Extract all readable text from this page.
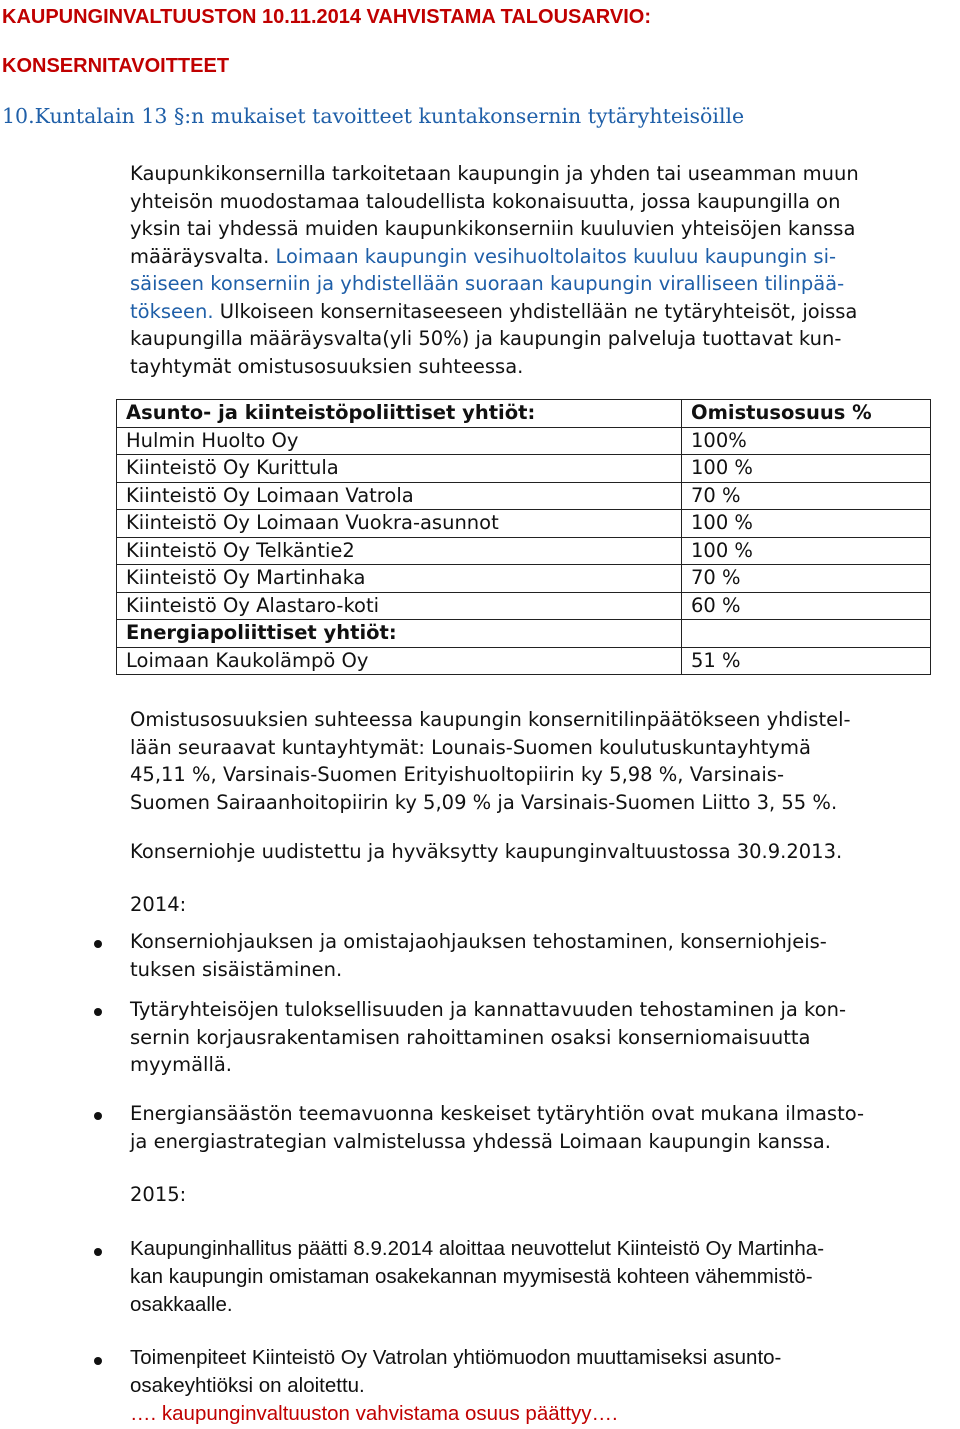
KAUPUNGINVALTUUSTON 10.11.2014 VAHVISTAMA TALOUSARVIO:
KONSERNITAVOITTEET
10.Kuntalain 13 §:n mukaiset tavoitteet kuntakonsernin tytäryhteisöille
Kaupunkikonsernilla tarkoitetaan kaupungin ja yhden tai useamman muun
yhteisön muodostamaa taloudellista kokonaisuutta, jossa kaupungilla on
yksin tai yhdessä muiden kaupunkikonserniin kuuluvien yhteisöjen kanssa
määräysvalta. Loimaan kaupungin vesihuoltolaitos kuuluu kaupungin si-
säiseen konserniin ja yhdistellään suoraan kaupungin viralliseen tilinpää-
tökseen. Ulkoiseen konsernitaseeseen yhdistellään ne tytäryhteisöt, joissa
kaupungilla määräysvalta(yli 50%) ja kaupungin palveluja tuottavat kun-
tayhtymät omistusosuuksien suhteessa.
Asunto- ja kiinteistöpoliittiset yhtiöt:	Omistusosuus %
Hulmin Huolto Oy	100%
Kiinteistö Oy Kurittula	100 %
Kiinteistö Oy Loimaan Vatrola	70 %
Kiinteistö Oy Loimaan Vuokra-asunnot	100 %
Kiinteistö Oy Telkäntie2	100 %
Kiinteistö Oy Martinhaka	70 %
Kiinteistö Oy Alastaro-koti	60 %
Energiapoliittiset yhtiöt:	
Loimaan Kaukolämpö Oy	51 %
Omistusosuuksien suhteessa kaupungin konsernitilinpäätökseen yhdistel-
lään seuraavat kuntayhtymät: Lounais-Suomen koulutuskuntayhtymä
45,11 %, Varsinais-Suomen Erityishuoltopiirin ky 5,98 %, Varsinais-
Suomen Sairaanhoitopiirin ky 5,09 % ja Varsinais-Suomen Liitto 3, 55 %.
Konserniohje uudistettu ja hyväksytty kaupunginvaltuustossa 30.9.2013.
2014:
Konserniohjauksen ja omistajaohjauksen tehostaminen, konserniohjeis-
tuksen sisäistäminen.
Tytäryhteisöjen tuloksellisuuden ja kannattavuuden tehostaminen ja kon-
sernin korjausrakentamisen rahoittaminen osaksi konserniomaisuutta
myymällä.
Energiansäästön teemavuonna keskeiset tytäryhtiön ovat mukana ilmasto-
ja energiastrategian valmistelussa yhdessä Loimaan kaupungin kanssa.
2015:
Kaupunginhallitus päätti 8.9.2014 aloittaa neuvottelut Kiinteistö Oy Martinha-
kan kaupungin omistaman osakekannan myymisestä kohteen vähemmistö-
osakkaalle.
Toimenpiteet Kiinteistö Oy Vatrolan yhtiömuodon muuttamiseksi asunto-
osakeyhtiöksi on aloitettu.
…. kaupunginvaltuuston vahvistama osuus päättyy….
